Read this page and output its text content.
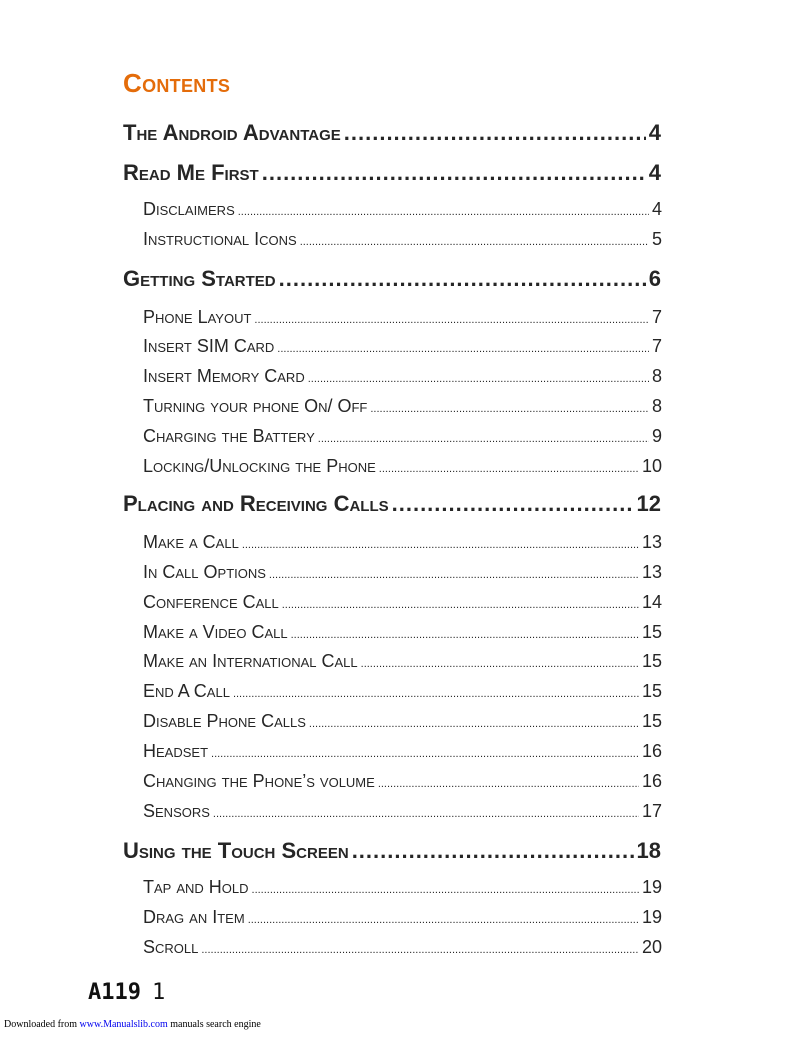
Contents
The Android Advantage .....	4
Read Me First .....	4
Disclaimers .....	4
Instructional Icons .....	5
Getting Started .....	6
Phone Layout .....	7
Insert SIM Card .....	7
Insert Memory Card .....	8
Turning your phone On/ Off .....	8
Charging the Battery .....	9
Locking/Unlocking the Phone .....	10
Placing and Receiving Calls .....	12
Make a Call .....	13
In Call Options .....	13
Conference Call .....	14
Make a Video Call .....	15
Make an International Call .....	15
End A Call .....	15
Disable Phone Calls .....	15
Headset .....	16
Changing the Phone’s volume .....	16
Sensors .....	17
Using the Touch Screen .....	18
Tap and Hold .....	19
Drag an Item .....	19
Scroll .....	20
A119 1
Downloaded from www.Manualslib.com manuals search engine
